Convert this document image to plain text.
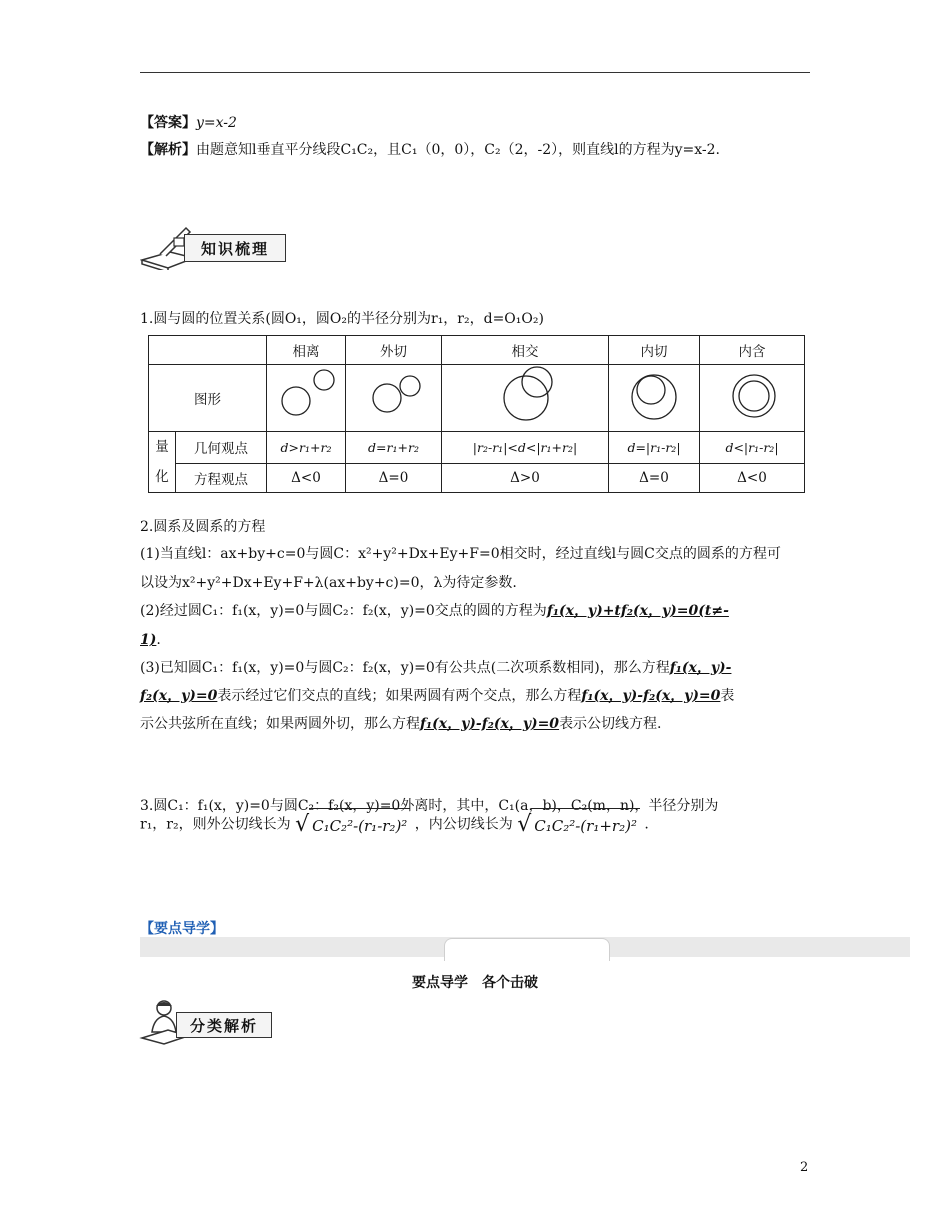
【答案】y=x-2
【解析】由题意知l垂直平分线段C₁C₂，且C₁（0，0），C₂（2，-2），则直线l的方程为y=x-2.
知识梳理
1.圆与圆的位置关系(圆O₁，圆O₂的半径分别为r₁，r₂，d=O₁O₂)
		相离	外切	相交	内切	内含
图形					

量化	几何观点	d>r₁+r₂	d=r₁+r₂	|r₂-r₁|<d<|r₁+r₂|	d=|r₁-r₂|	d<|r₁-r₂|
	方程观点	Δ<0	Δ=0	Δ>0	Δ=0	Δ<0
2.圆系及圆系的方程
(1)当直线l：ax+by+c=0与圆C：x²+y²+Dx+Ey+F=0相交时，经过直线l与圆C交点的圆系的方程可
以设为x²+y²+Dx+Ey+F+λ(ax+by+c)=0，λ为待定参数.
(2)经过圆C₁：f₁(x，y)=0与圆C₂：f₂(x，y)=0交点的圆的方程为f₁(x，y)+tf₂(x，y)=0(t≠-
1).
(3)已知圆C₁：f₁(x，y)=0与圆C₂：f₂(x，y)=0有公共点(二次项系数相同)，那么方程f₁(x，y)-
f₂(x，y)=0表示经过它们交点的直线；如果两圆有两个交点，那么方程f₁(x，y)-f₂(x，y)=0表
示公共弦所在直线；如果两圆外切，那么方程f₁(x，y)-f₂(x，y)=0表示公切线方程.
3.圆C₁：f₁(x，y)=0与圆C₂：f₂(x，y)=0外离时，其中，C₁(a，b)，C₂(m，n)，半径分别为
r₁，r₂，则外公切线长为 √ C₁C₂²-(r₁-r₂)² ，内公切线长为 √ C₁C₂²-(r₁+r₂)² .
【要点导学】
要点导学　各个击破
分类解析
2
